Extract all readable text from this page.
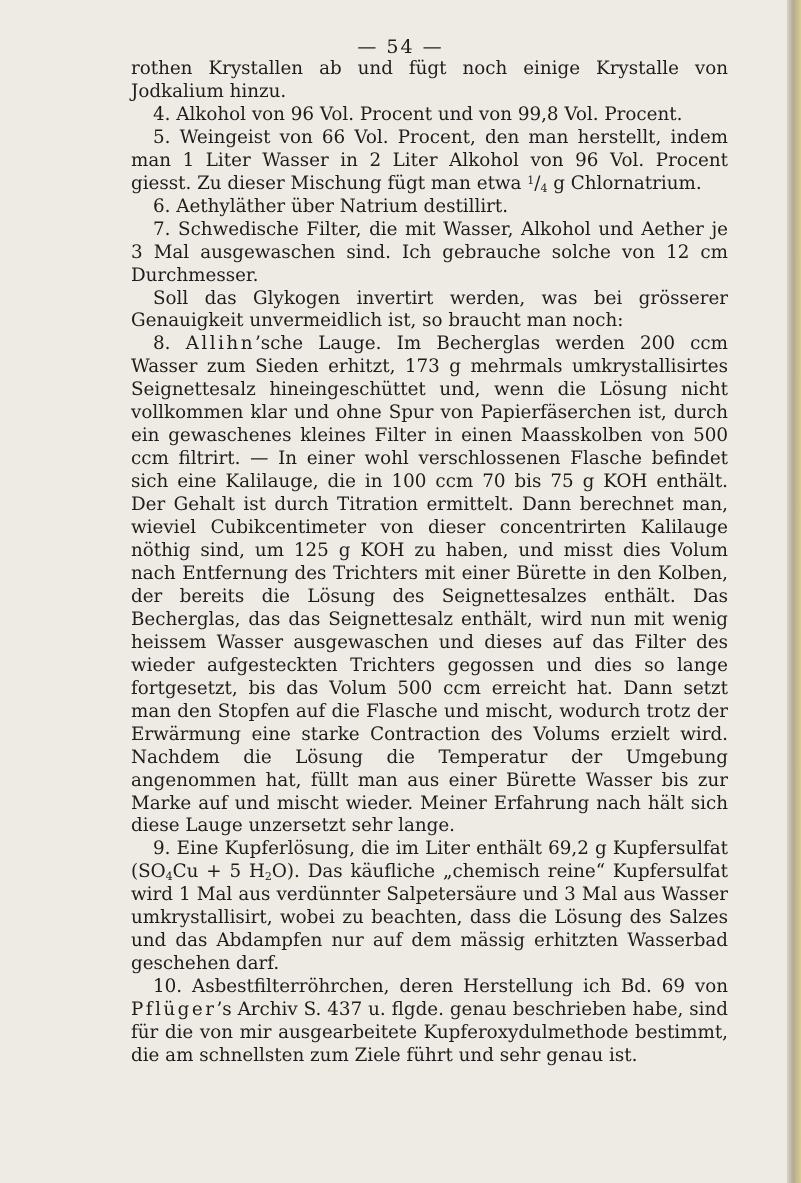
— 54 —

rothen Krystallen ab und fügt noch einige Krystalle von Jodkalium hinzu.

4. Alkohol von 96 Vol. Procent und von 99,8 Vol. Procent.

5. Weingeist von 66 Vol. Procent, den man herstellt, indem man 1 Liter Wasser in 2 Liter Alkohol von 96 Vol. Procent giesst. Zu dieser Mischung fügt man etwa $^1/_4$ g Chlornatrium.

6. Aethyläther über Natrium destillirt.

7. Schwedische Filter, die mit Wasser, Alkohol und Aether je 3 Mal ausgewaschen sind. Ich gebrauche solche von 12 cm Durchmesser.

Soll das Glykogen invertirt werden, was bei grösserer Genauigkeit unvermeidlich ist, so braucht man noch:

8. Allihn’sche Lauge. Im Becherglas werden 200 ccm Wasser zum Sieden erhitzt, 173 g mehrmals umkrystallisirtes Seignettesalz hineingeschüttet und, wenn die Lösung nicht vollkommen klar und ohne Spur von Papierfäserchen ist, durch ein gewaschenes kleines Filter in einen Maasskolben von 500 ccm filtrirt. — In einer wohl verschlossenen Flasche befindet sich eine Kalilauge, die in 100 ccm 70 bis 75 g KOH enthält. Der Gehalt ist durch Titration ermittelt. Dann berechnet man, wieviel Cubikcentimeter von dieser concentrirten Kalilauge nöthig sind, um 125 g KOH zu haben, und misst dies Volum nach Entfernung des Trichters mit einer Bürette in den Kolben, der bereits die Lösung des Seignettesalzes enthält. Das Becherglas, das das Seignettesalz enthält, wird nun mit wenig heissem Wasser ausgewaschen und dieses auf das Filter des wieder aufgesteckten Trichters gegossen und dies so lange fortgesetzt, bis das Volum 500 ccm erreicht hat. Dann setzt man den Stopfen auf die Flasche und mischt, wodurch trotz der Erwärmung eine starke Contraction des Volums erzielt wird. Nachdem die Lösung die Temperatur der Umgebung angenommen hat, füllt man aus einer Bürette Wasser bis zur Marke auf und mischt wieder. Meiner Erfahrung nach hält sich diese Lauge unzersetzt sehr lange.

9. Eine Kupferlösung, die im Liter enthält 69,2 g Kupfersulfat ($SO_4Cu + 5$ $H_2O$). Das käufliche „chemisch reine“ Kupfersulfat wird 1 Mal aus verdünnter Salpetersäure und 3 Mal aus Wasser umkrystallisirt, wobei zu beachten, dass die Lösung des Salzes und das Abdampfen nur auf dem mässig erhitzten Wasserbad geschehen darf.

10. Asbestfilterröhrchen, deren Herstellung ich Bd. 69 von Pflüger’s Archiv S. 437 u. flgde. genau beschrieben habe, sind für die von mir ausgearbeitete Kupferoxydulmethode bestimmt, die am schnellsten zum Ziele führt und sehr genau ist.
